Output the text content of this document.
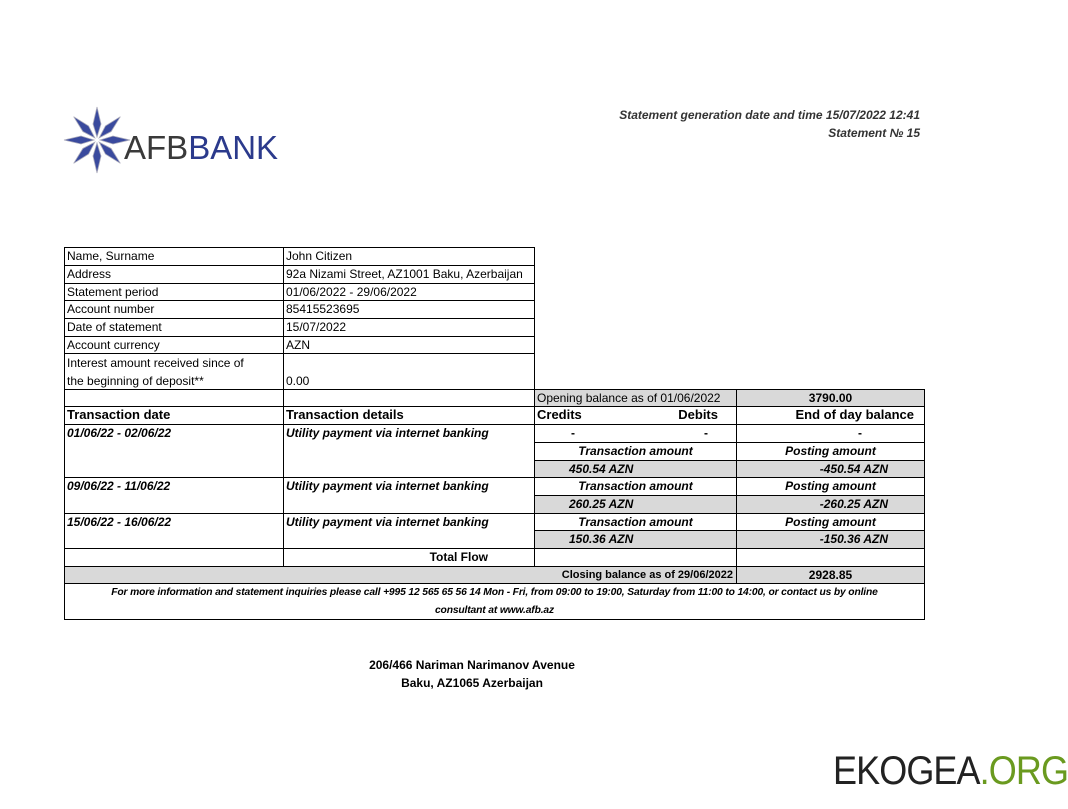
AFBBANK
Statement generation date and time 15/07/2022 12:41
Statement № 15
Name, Surname	John Citizen
Address	92a Nizami Street, AZ1001 Baku, Azerbaijan
Statement period	01/06/2022 - 29/06/2022
Account number	85415523695
Date of statement	15/07/2022
Account currency	AZN
Interest amount received since of
the beginning of deposit**	0.00
Opening balance as of 01/06/2022	3790.00
Transaction date	Transaction details	Credits	Debits	End of day balance
01/06/22 - 02/06/22	Utility payment via internet banking	-	-	-
Transaction amount	Posting amount
450.54 AZN	-450.54 AZN
09/06/22 - 11/06/22	Utility payment via internet banking	Transaction amount	Posting amount
260.25 AZN	-260.25 AZN
15/06/22 - 16/06/22	Utility payment via internet banking	Transaction amount	Posting amount
150.36 AZN	-150.36 AZN
Total Flow
Closing balance as of 29/06/2022	2928.85
For more information and statement inquiries please call +995 12 565 65 56 14 Mon - Fri, from 09:00 to 19:00, Saturday from 11:00 to 14:00, or contact us by online
consultant at www.afb.az
206/466 Nariman Narimanov Avenue
Baku, AZ1065 Azerbaijan
EKOGEA.ORG
